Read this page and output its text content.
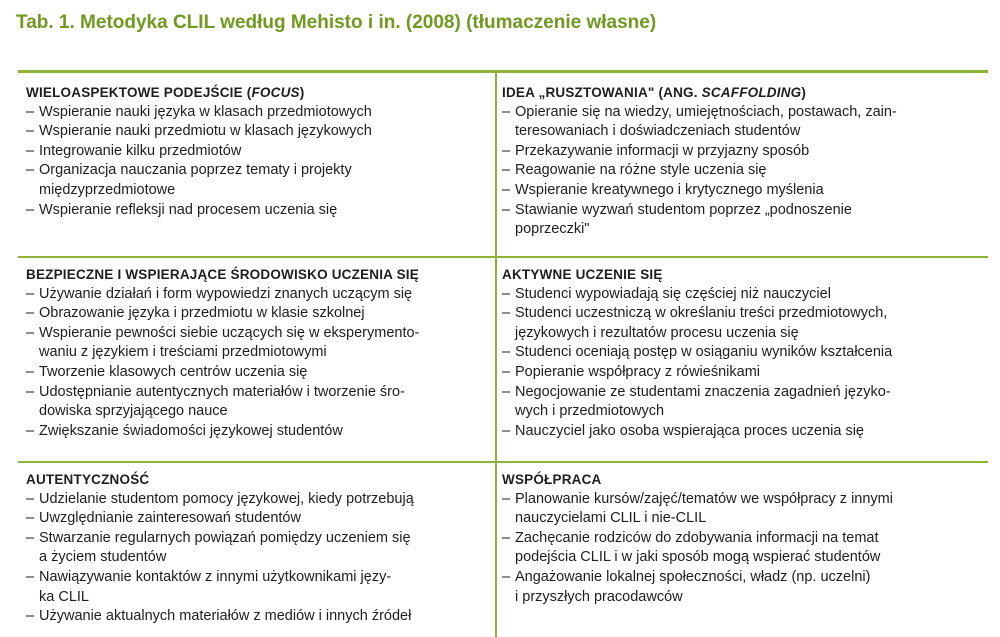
Tab. 1. Metodyka CLIL według Mehisto i in. (2008) (tłumaczenie własne)
WIELOASPEKTOWE PODEJŚCIE (FOCUS)
– Wspieranie nauki języka w klasach przedmiotowych
– Wspieranie nauki przedmiotu w klasach językowych
– Integrowanie kilku przedmiotów
– Organizacja nauczania poprzez tematy i projekty
międzyprzedmiotowe
– Wspieranie refleksji nad procesem uczenia się
IDEA „RUSZTOWANIA" (ANG. SCAFFOLDING)
– Opieranie się na wiedzy, umiejętnościach, postawach, zain-
teresowaniach i doświadczeniach studentów
– Przekazywanie informacji w przyjazny sposób
– Reagowanie na różne style uczenia się
– Wspieranie kreatywnego i krytycznego myślenia
– Stawianie wyzwań studentom poprzez „podnoszenie
poprzeczki"
BEZPIECZNE I WSPIERAJĄCE ŚRODOWISKO UCZENIA SIĘ
– Używanie działań i form wypowiedzi znanych uczącym się
– Obrazowanie języka i przedmiotu w klasie szkolnej
– Wspieranie pewności siebie uczących się w eksperymento-
waniu z językiem i treściami przedmiotowymi
– Tworzenie klasowych centrów uczenia się
– Udostępnianie autentycznych materiałów i tworzenie śro-
dowiska sprzyjającego nauce
– Zwiększanie świadomości językowej studentów
AKTYWNE UCZENIE SIĘ
– Studenci wypowiadają się częściej niż nauczyciel
– Studenci uczestniczą w określaniu treści przedmiotowych,
językowych i rezultatów procesu uczenia się
– Studenci oceniają postęp w osiąganiu wyników kształcenia
– Popieranie współpracy z rówieśnikami
– Negocjowanie ze studentami znaczenia zagadnień języko-
wych i przedmiotowych
– Nauczyciel jako osoba wspierająca proces uczenia się
AUTENTYCZNOŚĆ
– Udzielanie studentom pomocy językowej, kiedy potrzebują
– Uwzględnianie zainteresowań studentów
– Stwarzanie regularnych powiązań pomiędzy uczeniem się
a życiem studentów
– Nawiązywanie kontaktów z innymi użytkownikami języ-
ka CLIL
– Używanie aktualnych materiałów z mediów i innych źródeł
WSPÓŁPRACA
– Planowanie kursów/zajęć/tematów we współpracy z innymi
nauczycielami CLIL i nie-CLIL
– Zachęcanie rodziców do zdobywania informacji na temat
podejścia CLIL i w jaki sposób mogą wspierać studentów
– Angażowanie lokalnej społeczności, władz (np. uczelni)
i przyszłych pracodawców
